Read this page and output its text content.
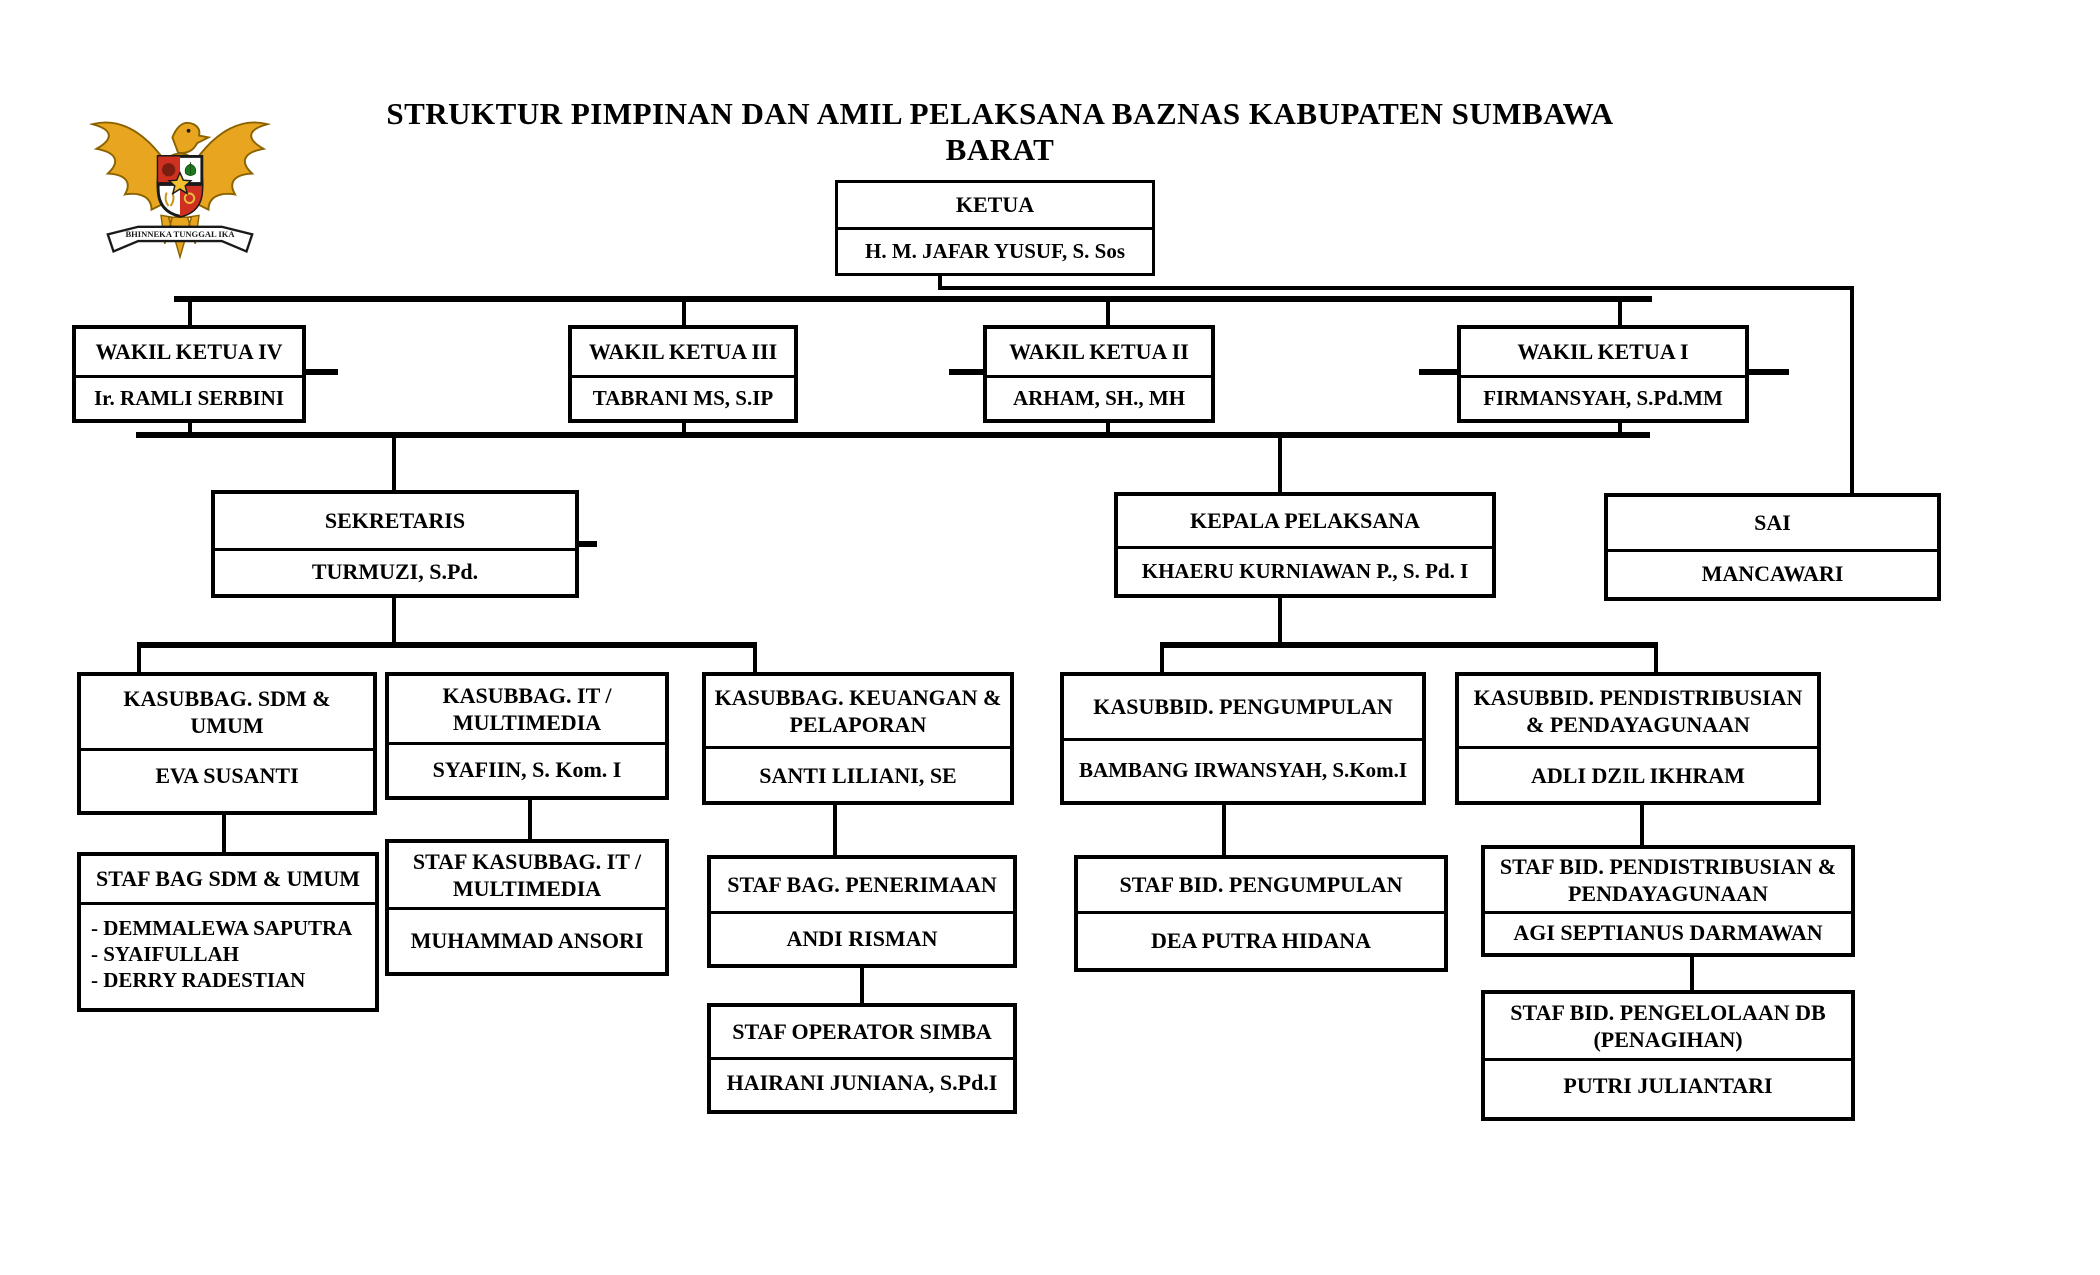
BHINNEKA TUNGGAL IKA
STRUKTUR PIMPINAN DAN AMIL PELAKSANA BAZNAS KABUPATEN SUMBAWA BARAT
KETUA
H. M. JAFAR YUSUF, S. Sos
WAKIL KETUA IV
Ir. RAMLI SERBINI
WAKIL KETUA III
TABRANI MS, S.IP
WAKIL KETUA II
ARHAM, SH., MH
WAKIL KETUA I
FIRMANSYAH, S.Pd.MM
SEKRETARIS
TURMUZI, S.Pd.
KEPALA PELAKSANA
KHAERU KURNIAWAN P., S. Pd. I
SAI
MANCAWARI
KASUBBAG. SDM & UMUM
EVA SUSANTI
KASUBBAG. IT / MULTIMEDIA
SYAFIIN, S. Kom. I
KASUBBAG. KEUANGAN & PELAPORAN
SANTI LILIANI, SE
KASUBBID. PENGUMPULAN
BAMBANG IRWANSYAH, S.Kom.I
KASUBBID. PENDISTRIBUSIAN & PENDAYAGUNAAN
ADLI DZIL IKHRAM
STAF BAG SDM & UMUM
- DEMMALEWA SAPUTRA
- SYAIFULLAH
- DERRY RADESTIAN
STAF KASUBBAG. IT / MULTIMEDIA
MUHAMMAD ANSORI
STAF BAG. PENERIMAAN
ANDI RISMAN
STAF BID. PENGUMPULAN
DEA PUTRA HIDANA
STAF BID. PENDISTRIBUSIAN & PENDAYAGUNAAN
AGI SEPTIANUS DARMAWAN
STAF OPERATOR SIMBA
HAIRANI JUNIANA, S.Pd.I
STAF BID. PENGELOLAAN DB (PENAGIHAN)
PUTRI JULIANTARI
